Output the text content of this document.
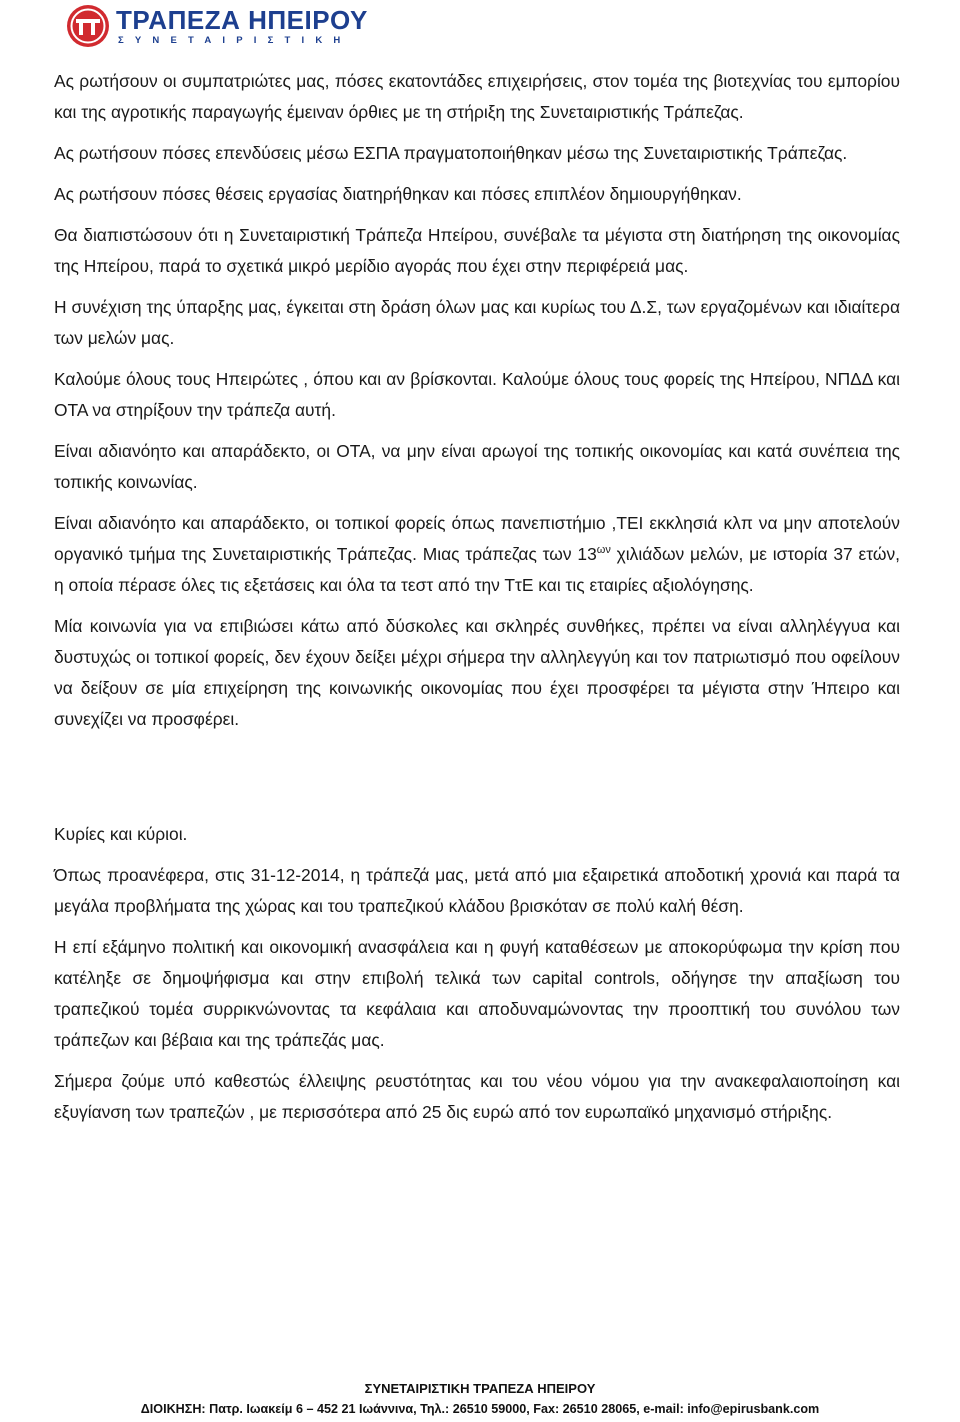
ΤΡΑΠΕΖΑ ΗΠΕΙΡΟΥ
ΣΥΝΕΤΑΙΡΙΣΤΙΚΗ

Ας ρωτήσουν οι συμπατριώτες μας, πόσες εκατοντάδες επιχειρήσεις, στον τομέα της βιοτεχνίας του εμπορίου και της αγροτικής παραγωγής έμειναν όρθιες με τη στήριξη της Συνεταιριστικής Τράπεζας.

Ας ρωτήσουν πόσες επενδύσεις μέσω ΕΣΠΑ πραγματοποιήθηκαν μέσω της Συνεταιριστικής Τράπεζας.

Ας ρωτήσουν πόσες θέσεις εργασίας διατηρήθηκαν και πόσες επιπλέον δημιουργήθηκαν.

Θα διαπιστώσουν ότι η Συνεταιριστική Τράπεζα Ηπείρου, συνέβαλε τα μέγιστα στη διατήρηση της οικονομίας της Ηπείρου, παρά το σχετικά μικρό μερίδιο αγοράς που έχει στην περιφέρειά μας.

Η συνέχιση της ύπαρξης μας, έγκειται στη δράση όλων μας και κυρίως του Δ.Σ, των εργαζομένων και ιδιαίτερα των μελών μας.

Καλούμε όλους τους Ηπειρώτες , όπου και αν βρίσκονται. Καλούμε όλους τους φορείς της Ηπείρου, ΝΠΔΔ και ΟΤΑ να στηρίξουν την τράπεζα αυτή.

Είναι αδιανόητο και απαράδεκτο, οι ΟΤΑ, να μην είναι αρωγοί της τοπικής οικονομίας και κατά συνέπεια της τοπικής κοινωνίας.

Είναι αδιανόητο και απαράδεκτο, οι τοπικοί φορείς όπως πανεπιστήμιο ,ΤΕΙ εκκλησιά κλπ να μην αποτελούν οργανικό τμήμα της Συνεταιριστικής Τράπεζας. Μιας τράπεζας των $13^{\omega\nu}$ χιλιάδων μελών, με ιστορία 37 ετών, η οποία πέρασε όλες τις εξετάσεις και όλα τα τεστ από την ΤτΕ και τις εταιρίες αξιολόγησης.

Μία κοινωνία για να επιβιώσει κάτω από δύσκολες και σκληρές συνθήκες, πρέπει να είναι αλληλέγγυα και δυστυχώς οι τοπικοί φορείς, δεν έχουν δείξει μέχρι σήμερα την αλληλεγγύη και τον πατριωτισμό που οφείλουν να δείξουν σε μία επιχείρηση της κοινωνικής οικονομίας που έχει προσφέρει τα μέγιστα στην Ήπειρο και συνεχίζει να προσφέρει.

Κυρίες και κύριοι.

Όπως προανέφερα, στις 31-12-2014, η τράπεζά μας, μετά από μια εξαιρετικά αποδοτική χρονιά και παρά τα μεγάλα προβλήματα της χώρας και του τραπεζικού κλάδου βρισκόταν σε πολύ καλή θέση.

Η επί εξάμηνο πολιτική και οικονομική ανασφάλεια και η φυγή καταθέσεων με αποκορύφωμα την κρίση που κατέληξε σε δημοψήφισμα και στην επιβολή τελικά των capital controls, οδήγησε την απαξίωση του τραπεζικού τομέα συρρικνώνοντας τα κεφάλαια και αποδυναμώνοντας την προοπτική του συνόλου των τράπεζων και βέβαια και της τράπεζάς μας.

Σήμερα ζούμε υπό καθεστώς έλλειψης ρευστότητας και του νέου νόμου για την ανακεφαλαιοποίηση και εξυγίανση των τραπεζών , με περισσότερα από 25 δις ευρώ από τον ευρωπαϊκό μηχανισμό στήριξης.

ΣΥΝΕΤΑΙΡΙΣΤΙΚΗ ΤΡΑΠΕΖΑ ΗΠΕΙΡΟΥ
ΔΙΟΙΚΗΣΗ: Πατρ. Ιωακείμ 6 – 452 21 Ιωάννινα, Τηλ.: 26510 59000, Fax: 26510 28065, e-mail: info@epirusbank.com
